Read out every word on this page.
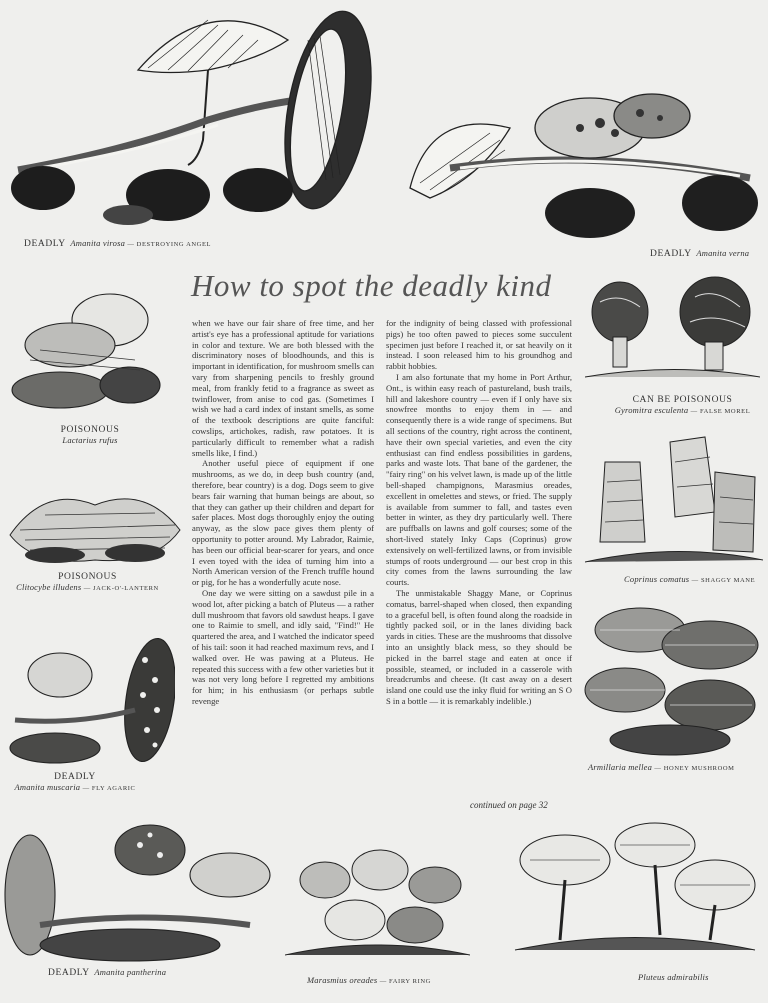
DEADLY Amanita virosa — DESTROYING ANGEL
DEADLY Amanita verna
POISONOUS
Lactarius rufus
POISONOUS
Clitocybe illudens — JACK-O'-LANTERN
DEADLY
Amanita muscaria — FLY AGARIC
CAN BE POISONOUS
Gyromitra esculenta — FALSE MOREL
Coprinus comatus — SHAGGY MANE
Armillaria mellea — HONEY MUSHROOM
DEADLY Amanita pantherina
Marasmius oreades — FAIRY RING	Pluteus admirabilis
How to spot the deadly kind

when we have our fair share of free time, and her artist's eye has a professional aptitude for variations in color and texture. We are both blessed with the discriminatory noses of bloodhounds, and this is important in identification, for mushroom smells can vary from sharpening pencils to freshly ground meal, from frankly fetid to a fragrance as sweet as twinflower, from anise to cod gas. (Sometimes I wish we had a card index of instant smells, as some of the textbook descriptions are quite fanciful: cowslips, artichokes, radish, raw potatoes. It is particularly difficult to remember what a radish smells like, I find.)

Another useful piece of equipment if one mushrooms, as we do, in deep bush country (and, therefore, bear country) is a dog. Dogs seem to give bears fair warning that human beings are about, so that they can gather up their children and depart for safer places. Most dogs thoroughly enjoy the outing anyway, as the slow pace gives them plenty of opportunity to potter around. My Labrador, Raimie, has been our official bear-scarer for years, and once I even toyed with the idea of turning him into a North American version of the French truffle hound or pig, for he has a wonderfully acute nose.

One day we were sitting on a sawdust pile in a wood lot, after picking a batch of Pluteus — a rather dull mushroom that favors old sawdust heaps. I gave one to Raimie to smell, and idly said, "Find!" He quartered the area, and I watched the indicator speed of his tail: soon it had reached maximum revs, and I walked over. He was pawing at a Pluteus. He repeated this success with a few other varieties but it was not very long before I regretted my ambitions for him; in his enthusiasm (or perhaps subtle revenge

for the indignity of being classed with professional pigs) he too often pawed to pieces some succulent specimen just before I reached it, or sat heavily on it instead. I soon released him to his groundhog and rabbit hobbies.

I am also fortunate that my home in Port Arthur, Ont., is within easy reach of pastureland, bush trails, hill and lakeshore country — even if I only have six snowfree months to enjoy them in — and consequently there is a wide range of specimens. But all sections of the country, right across the continent, have their own special varieties, and even the city enthusiast can find endless possibilities in gardens, parks and waste lots. That bane of the gardener, the "fairy ring" on his velvet lawn, is made up of the little bell-shaped champignons, Marasmius oreades, excellent in omelettes and stews, or fried. The supply is available from summer to fall, and tastes even better in winter, as they dry particularly well. There are puffballs on lawns and golf courses; some of the short-lived stately Inky Caps (Coprinus) grow extensively on well-fertilized lawns, or from invisible stumps of roots underground — our best crop in this city comes from the lawns surrounding the law courts.

The unmistakable Shaggy Mane, or Coprinus comatus, barrel-shaped when closed, then expanding to a graceful bell, is often found along the roadside in tightly packed soil, or in the lanes dividing back yards in cities. These are the mushrooms that dissolve into an unsightly black mess, so they should be picked in the barrel stage and eaten at once if possible, steamed, or included in a casserole with breadcrumbs and cheese. (It cast away on a desert island one could use the inky fluid for writing an S O S in a bottle — it is remarkably indelible.)

continued on page 32
